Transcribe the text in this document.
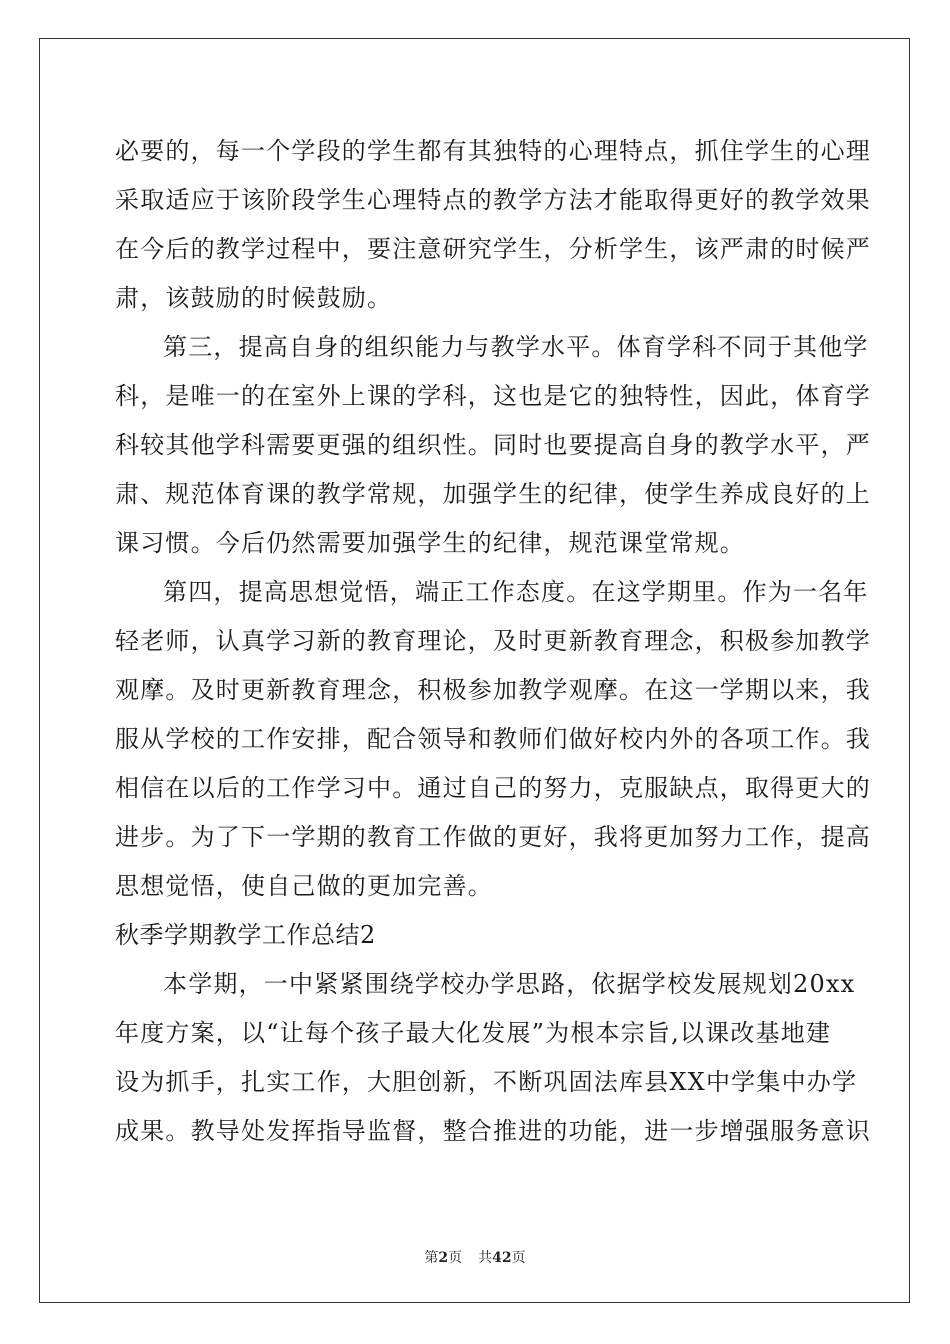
必要的，每一个学段的学生都有其独特的心理特点，抓住学生的心理
采取适应于该阶段学生心理特点的教学方法才能取得更好的教学效果
在今后的教学过程中，要注意研究学生，分析学生，该严肃的时候严
肃，该鼓励的时候鼓励。
第三，提高自身的组织能力与教学水平。体育学科不同于其他学
科，是唯一的在室外上课的学科，这也是它的独特性，因此，体育学
科较其他学科需要更强的组织性。同时也要提高自身的教学水平，严
肃、规范体育课的教学常规，加强学生的纪律，使学生养成良好的上
课习惯。今后仍然需要加强学生的纪律，规范课堂常规。
第四，提高思想觉悟，端正工作态度。在这学期里。作为一名年
轻老师，认真学习新的教育理论，及时更新教育理念，积极参加教学
观摩。及时更新教育理念，积极参加教学观摩。在这一学期以来，我
服从学校的工作安排，配合领导和教师们做好校内外的各项工作。我
相信在以后的工作学习中。通过自己的努力，克服缺点，取得更大的
进步。为了下一学期的教育工作做的更好，我将更加努力工作，提高
思想觉悟，使自己做的更加完善。
秋季学期教学工作总结2
本学期，一中紧紧围绕学校办学思路，依据学校发展规划20xx
年度方案，以“让每个孩子最大化发展”为根本宗旨,以课改基地建
设为抓手，扎实工作，大胆创新，不断巩固法库县XX中学集中办学
成果。教导处发挥指导监督，整合推进的功能，进一步增强服务意识
第2页 共42页
